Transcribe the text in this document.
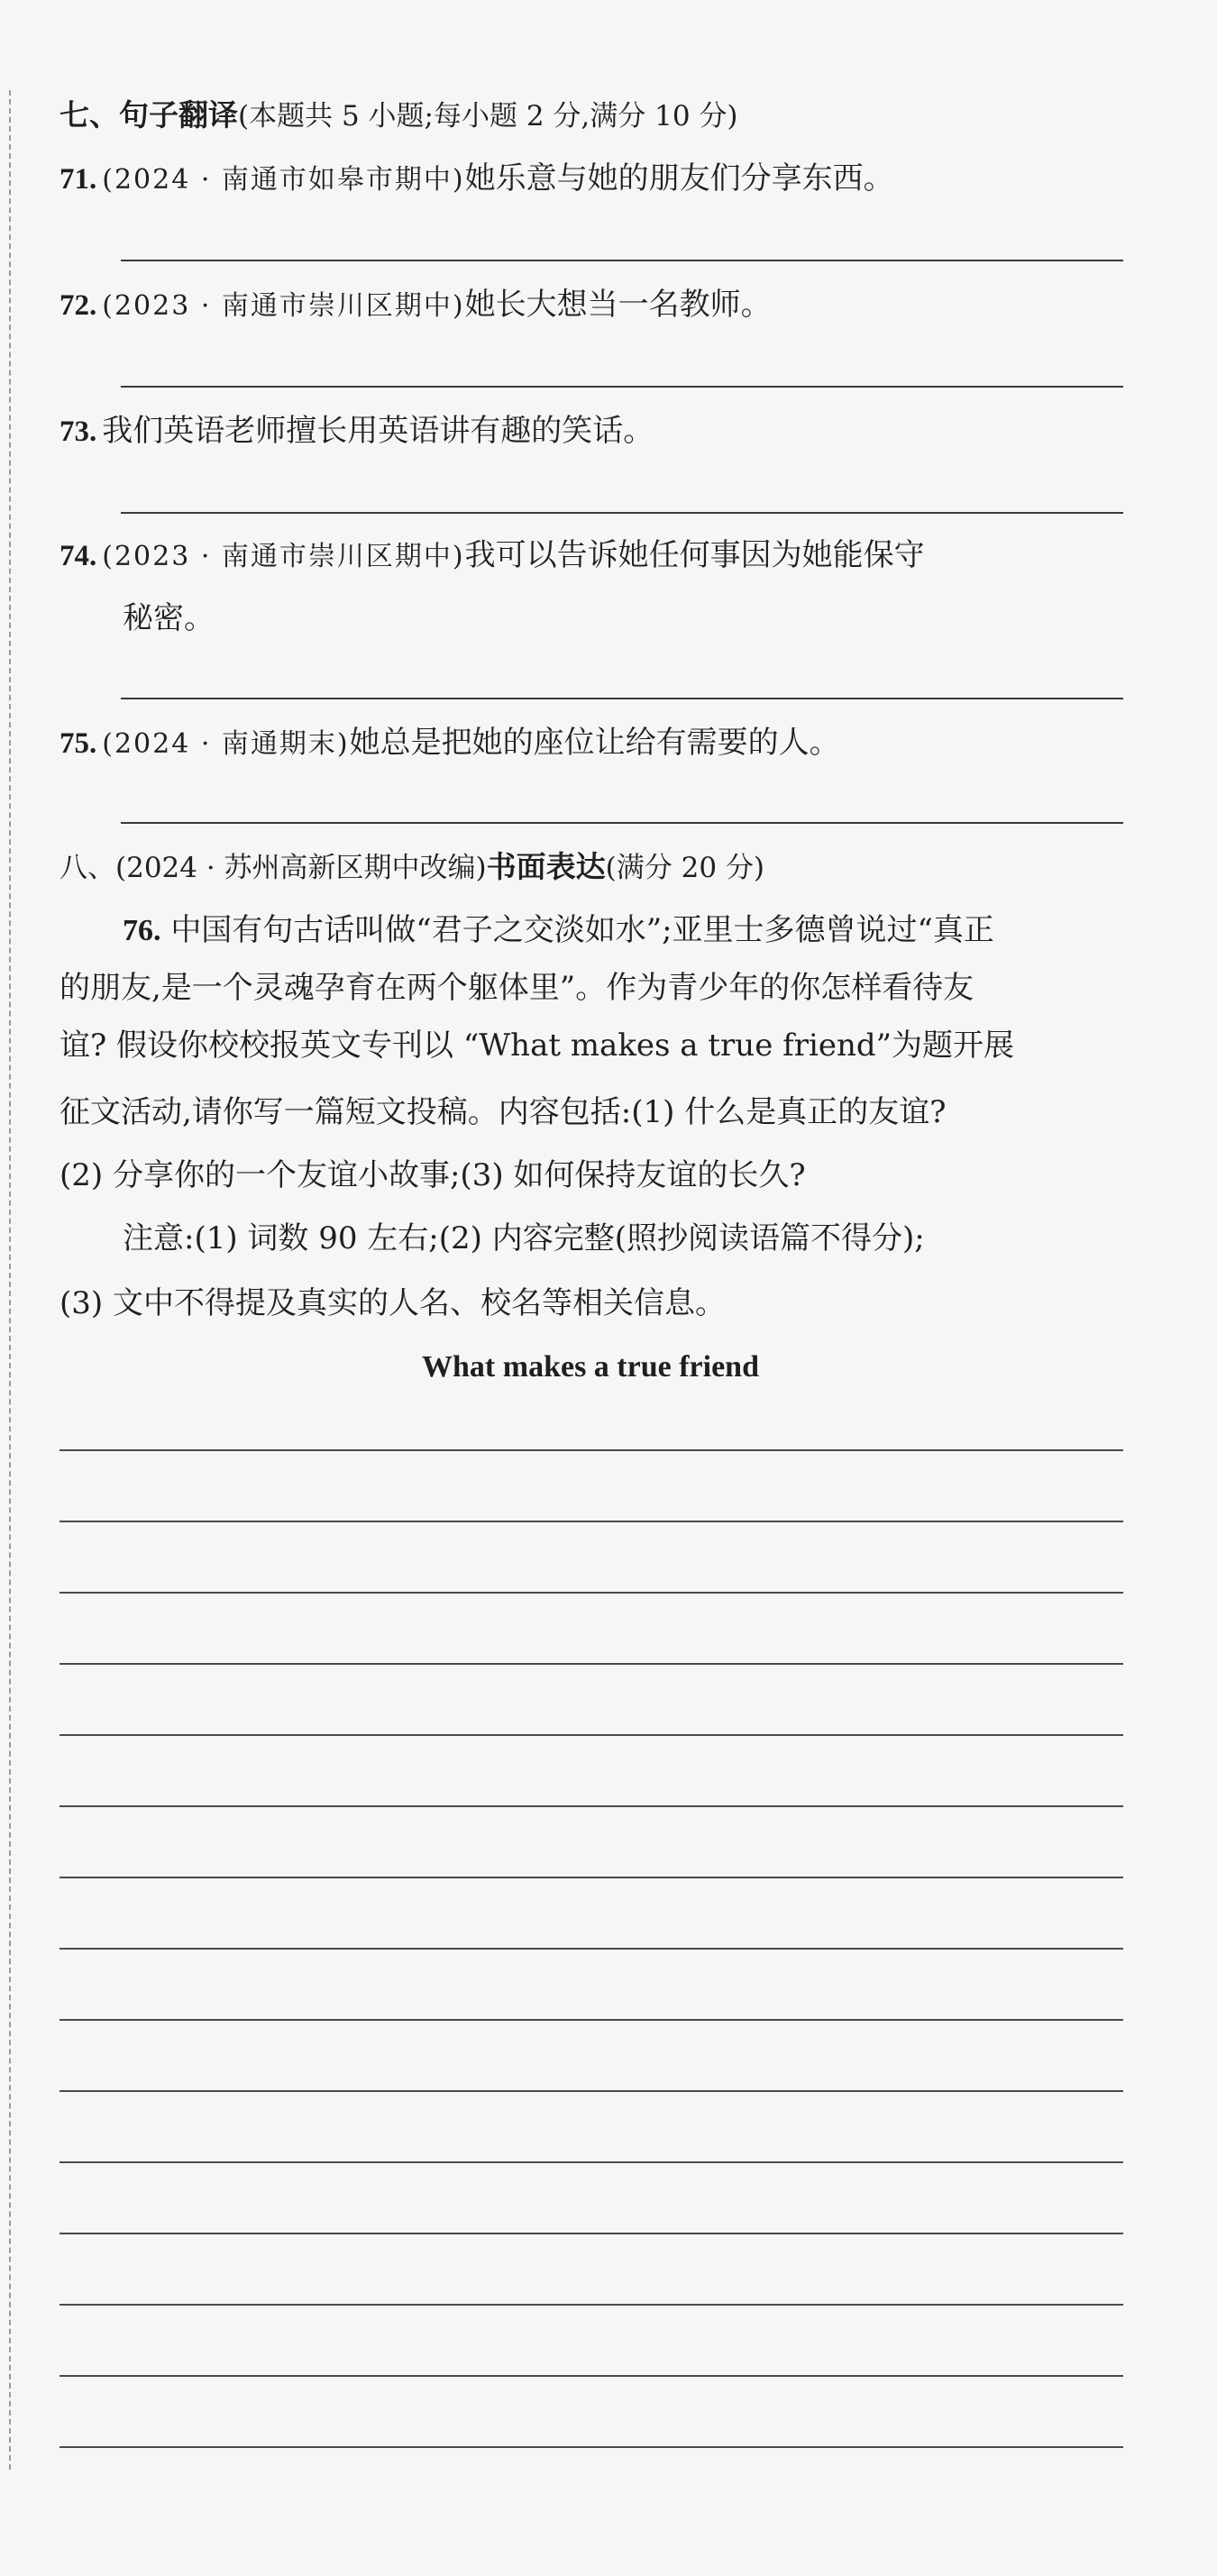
七、句子翻译(本题共 5 小题;每小题 2 分,满分 10 分)
71. (2024 · 南通市如皋市期中)她乐意与她的朋友们分享东西。
72. (2023 · 南通市崇川区期中)她长大想当一名教师。
73. 我们英语老师擅长用英语讲有趣的笑话。
74. (2023 · 南通市崇川区期中)我可以告诉她任何事因为她能保守
秘密。
75. (2024 · 南通期末)她总是把她的座位让给有需要的人。
八、(2024 · 苏州高新区期中改编)书面表达(满分 20 分)
76. 中国有句古话叫做“君子之交淡如水”;亚里士多德曾说过“真正
的朋友,是一个灵魂孕育在两个躯体里”。作为青少年的你怎样看待友
谊? 假设你校校报英文专刊以 “What makes a true friend”为题开展
征文活动,请你写一篇短文投稿。内容包括:(1) 什么是真正的友谊?
(2) 分享你的一个友谊小故事;(3) 如何保持友谊的长久?
注意:(1) 词数 90 左右;(2) 内容完整(照抄阅读语篇不得分);
(3) 文中不得提及真实的人名、校名等相关信息。
What makes a true friend
